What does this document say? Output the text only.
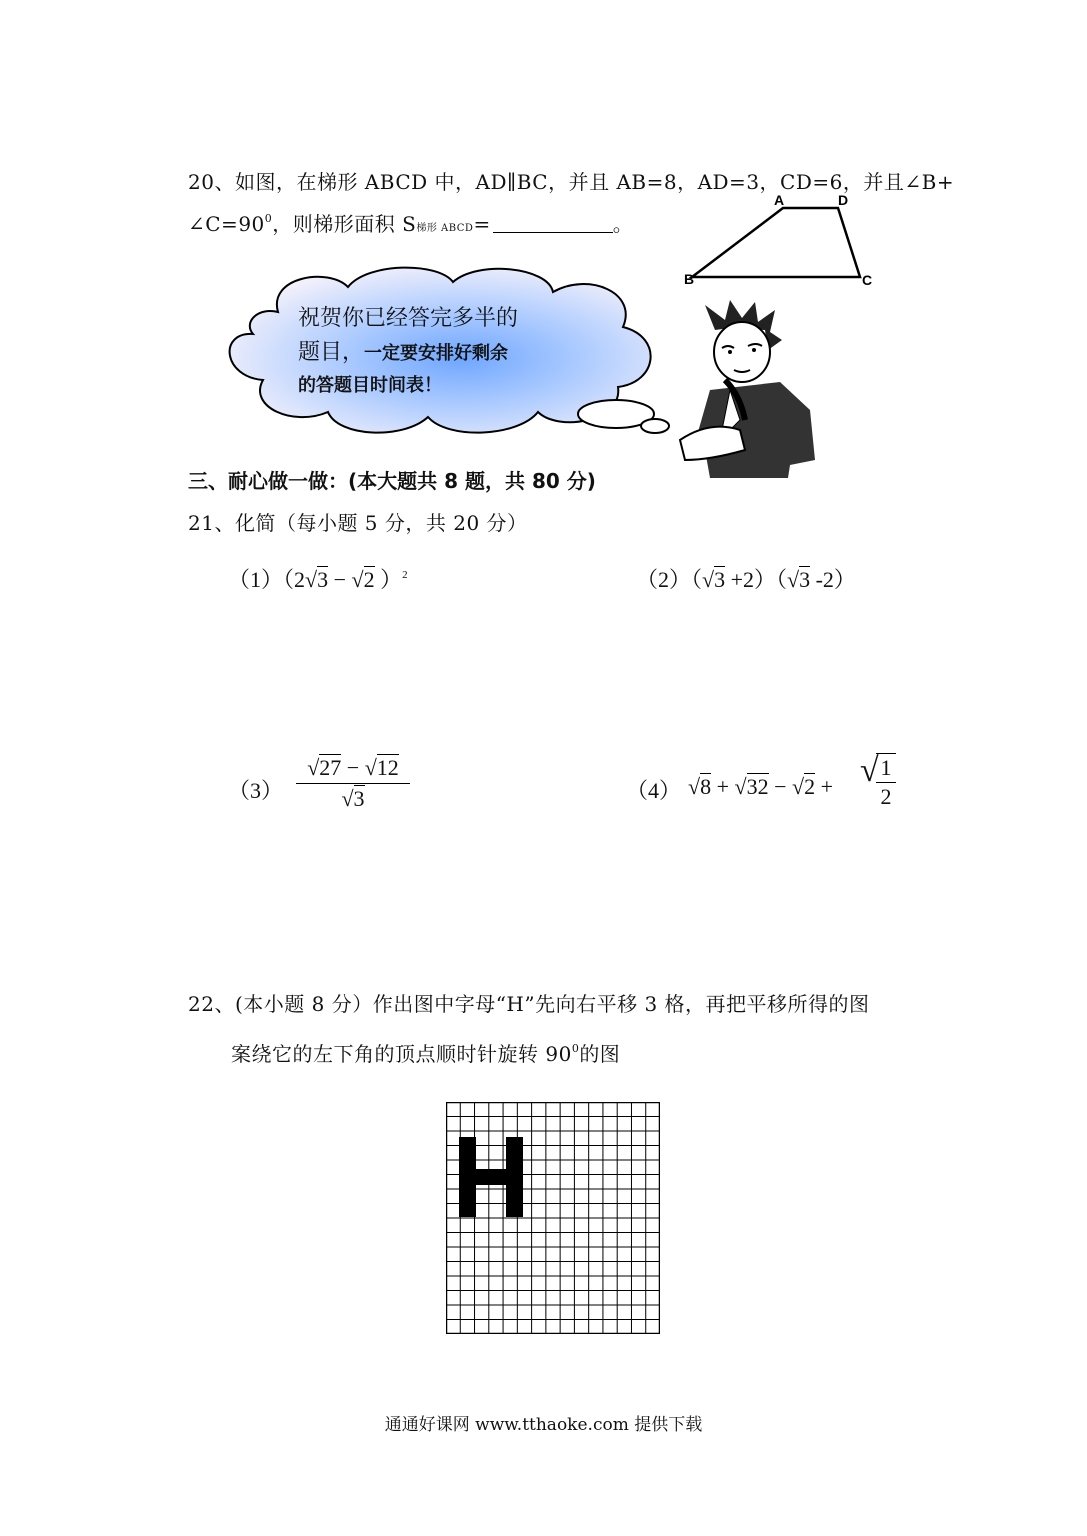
20、如图，在梯形 ABCD 中，AD∥BC，并且 AB=8，AD=3，CD=6，并且∠B+
$\angle C=90^0$，则梯形面积 S梯形 ABCD=	。
A	D
B	C
祝贺你已经答完多半的
题目，一定要安排好剩余
的答题目时间表！
三、耐心做一做：(本大题共 8 题，共 80 分)
21、化简（每小题 5 分，共 20 分）
（1）（2√3 − √2 ）$^2$	（2）（√3 +2）（√3 -2）
$(3) \frac{√27 - √12}{√3}$	（4） √8 + √32 − √2 + √
$\frac{1}{2}$
22、(本小题 8 分）作出图中字母“H”先向右平移 3 格，再把平移所得的图
案绕它的左下角的顶点顺时针旋转 $90^0$的图
通通好课网 www.tthaoke.com 提供下载
